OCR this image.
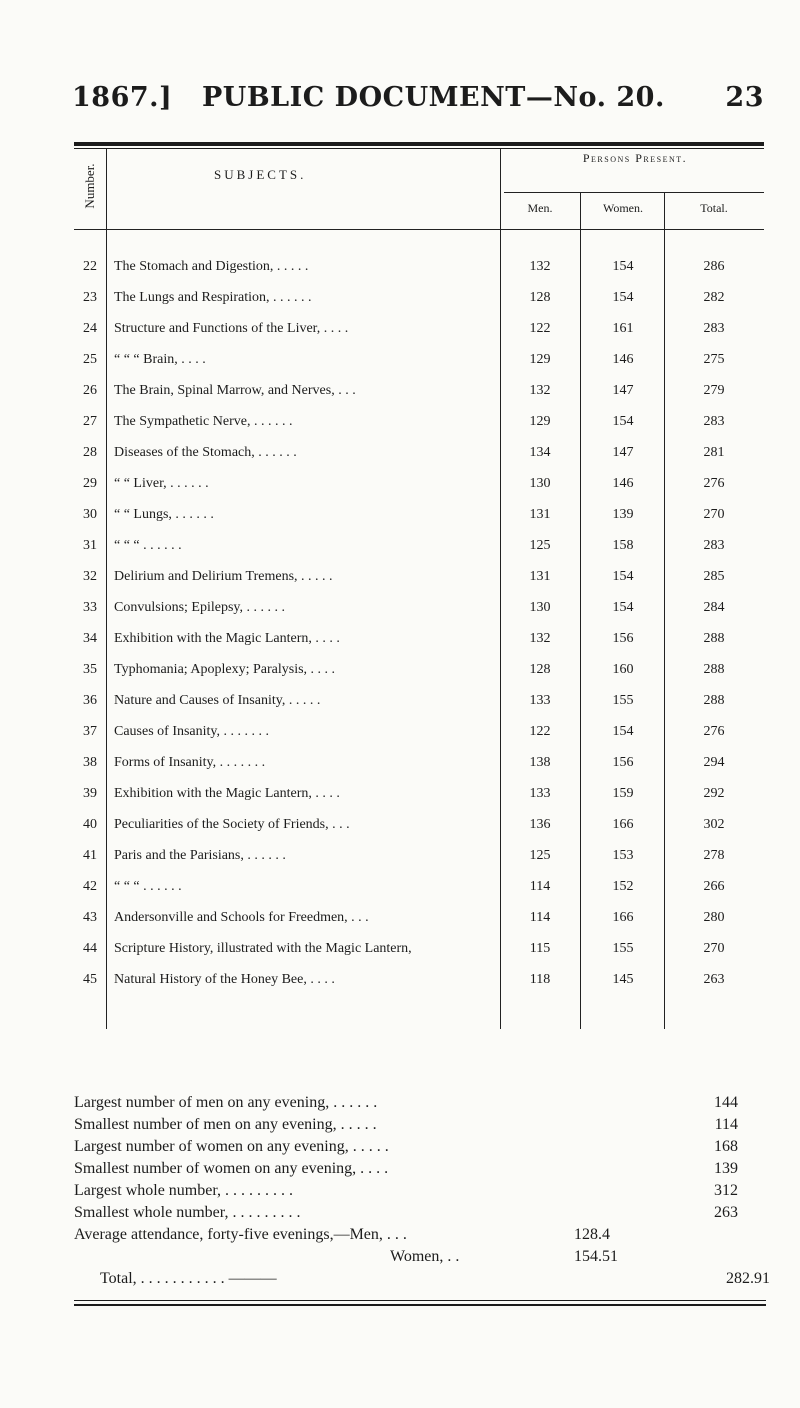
1867.] PUBLIC DOCUMENT—No. 20. 23
Number.	SUBJECTS.
Persons Present.
Men.	Women.	Total.
22	The Stomach and Digestion, . . . . .	132	154	286
23	The Lungs and Respiration, . . . . . .	128	154	282
24	Structure and Functions of the Liver, . . . .	122	161	283
25	“ “ “ Brain, . . . .	129	146	275
26	The Brain, Spinal Marrow, and Nerves, . . .	132	147	279
27	The Sympathetic Nerve, . . . . . .	129	154	283
28	Diseases of the Stomach, . . . . . .	134	147	281
29	“ “ Liver, . . . . . .	130	146	276
30	“ “ Lungs, . . . . . .	131	139	270
31	“ “ “ . . . . . .	125	158	283
32	Delirium and Delirium Tremens, . . . . .	131	154	285
33	Convulsions; Epilepsy, . . . . . .	130	154	284
34	Exhibition with the Magic Lantern, . . . .	132	156	288
35	Typhomania; Apoplexy; Paralysis, . . . .	128	160	288
36	Nature and Causes of Insanity, . . . . .	133	155	288
37	Causes of Insanity, . . . . . . .	122	154	276
38	Forms of Insanity, . . . . . . .	138	156	294
39	Exhibition with the Magic Lantern, . . . .	133	159	292
40	Peculiarities of the Society of Friends, . . .	136	166	302
41	Paris and the Parisians, . . . . . .	125	153	278
42	“ “ “ . . . . . .	114	152	266
43	Andersonville and Schools for Freedmen, . . .	114	166	280
44	Scripture History, illustrated with the Magic Lantern,	115	155	270
45	Natural History of the Honey Bee, . . . .	118	145	263
Largest number of men on any evening, . . . . . .	144
Smallest number of men on any evening, . . . . .	114
Largest number of women on any evening, . . . . .	168
Smallest number of women on any evening, . . . .	139
Largest whole number, . . . . . . . . .	312
Smallest whole number, . . . . . . . . .	263
Average attendance, forty-five evenings,—Men, . . .	128.4
Women, . .	154.51
Total, . . . . . . . . . . . ———	282.91
